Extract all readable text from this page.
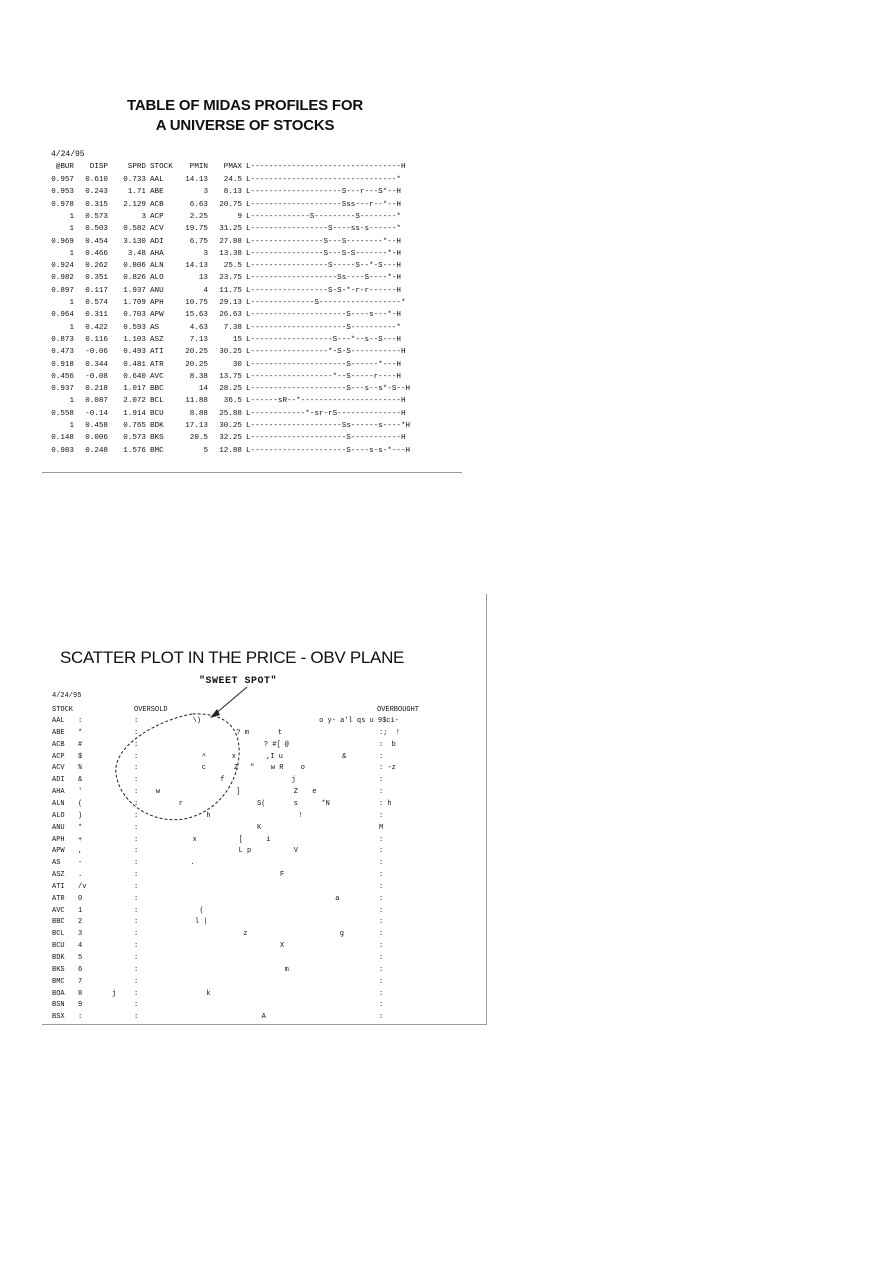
TABLE OF MIDAS PROFILES FOR
A UNIVERSE OF STOCKS
4/24/95
@BUR	DISP	SPRD STOCK	PMIN	PMAX L---------------------------------H
0.957	0.610	0.733 AAL	14.13	24.5 L--------------------------------*
0.953	0.243	1.71 ABE	3	8.13 L--------------------S---r---S*--H
0.978	0.315	2.129 ACB	6.63	20.75 L--------------------Sss---r--*--H
1	0.573	3 ACP	2.25	9 L-------------S---------S--------*
1	0.503	0.582 ACV	19.75	31.25 L-----------------S----ss-s------*
0.969	0.454	3.130 ADI	6.75	27.88 L----------------S---S--------*--H
1	0.466	3.48 AHA	3	13.38 L----------------S---S-S-------*-H
0.924	0.262	0.806 ALN	14.13	25.5 L-----------------S-----S--*-S---H
0.982	0.351	0.826 ALO	13	23.75 L-------------------Ss----S----*-H
0.897	0.117	1.937 ANU	4	11.75 L-----------------S-S-*-r-r------H
1	0.574	1.709 APH	10.75	29.13 L--------------S------------------*
0.964	0.311	0.703 APW	15.63	26.63 L---------------------S----s---*-H
1	0.422	0.593 AS	4.63	7.38 L---------------------S----------*
0.873	0.116	1.103 ASZ	7.13	15 L------------------S---*--s--S---H
0.473	-0.06	0.493 ATI	20.25	30.25 L-----------------*-S-S-----------H
0.918	0.344	0.481 ATR	20.25	30 L---------------------S------*---H
0.456	-0.08	0.640 AVC	8.38	13.75 L------------------*--S-----r----H
0.937	0.218	1.017 BBC	14	28.25 L---------------------S---s--s*-S--H
1	0.087	2.072 BCL	11.88	36.5 L------sR--*----------------------H
0.558	-0.14	1.914 BCU	8.88	25.88 L------------*-sr-rS--------------H
1	0.458	0.765 BDK	17.13	30.25 L--------------------Ss------s----*H
0.148	0.006	0.573 BKS	20.5	32.25 L---------------------S-----------H
0.983	0.248	1.576 BMC	5	12.88 L---------------------S----s-s-*---H
SCATTER PLOT IN THE PRICE - OBV PLANE
"SWEET SPOT"
4/24/95
STOCK	OVERSOLD	OVERBOUGHT
AAL :	:	\)	o y- a'l qs u 9$ci-
ABE *	:	? m	t	:;  !
ACB #	:	? #[ @	:  b
ACP $	:	^	x	,I u	&	:
ACV %	:	c	Z " w R o	: -z
ADI &	:	f	j	:
AHA '	:	w	]	Z e	:
ALN (	:	r	S(	s	*N	: h
ALO )	:	h	!	:
ANU *	:	K	M
APH +	:	x	[	i	:
APW ,	:	L p	V	:
AS	-	:	.	:
ASZ .	:	F	:
ATI /v	:	:
ATR 0	:	a	:
AVC 1	:	(	:
BBC 2	:	l |	:
BCL 3	:	z	g	:
BCU 4	:	X	:
BDK 5	:	:
BKS 6	:	m	:
BMC 7	:	:
BOA 8	j	:	k	:
BSN 9	:	:
BSX :	:	A	:
